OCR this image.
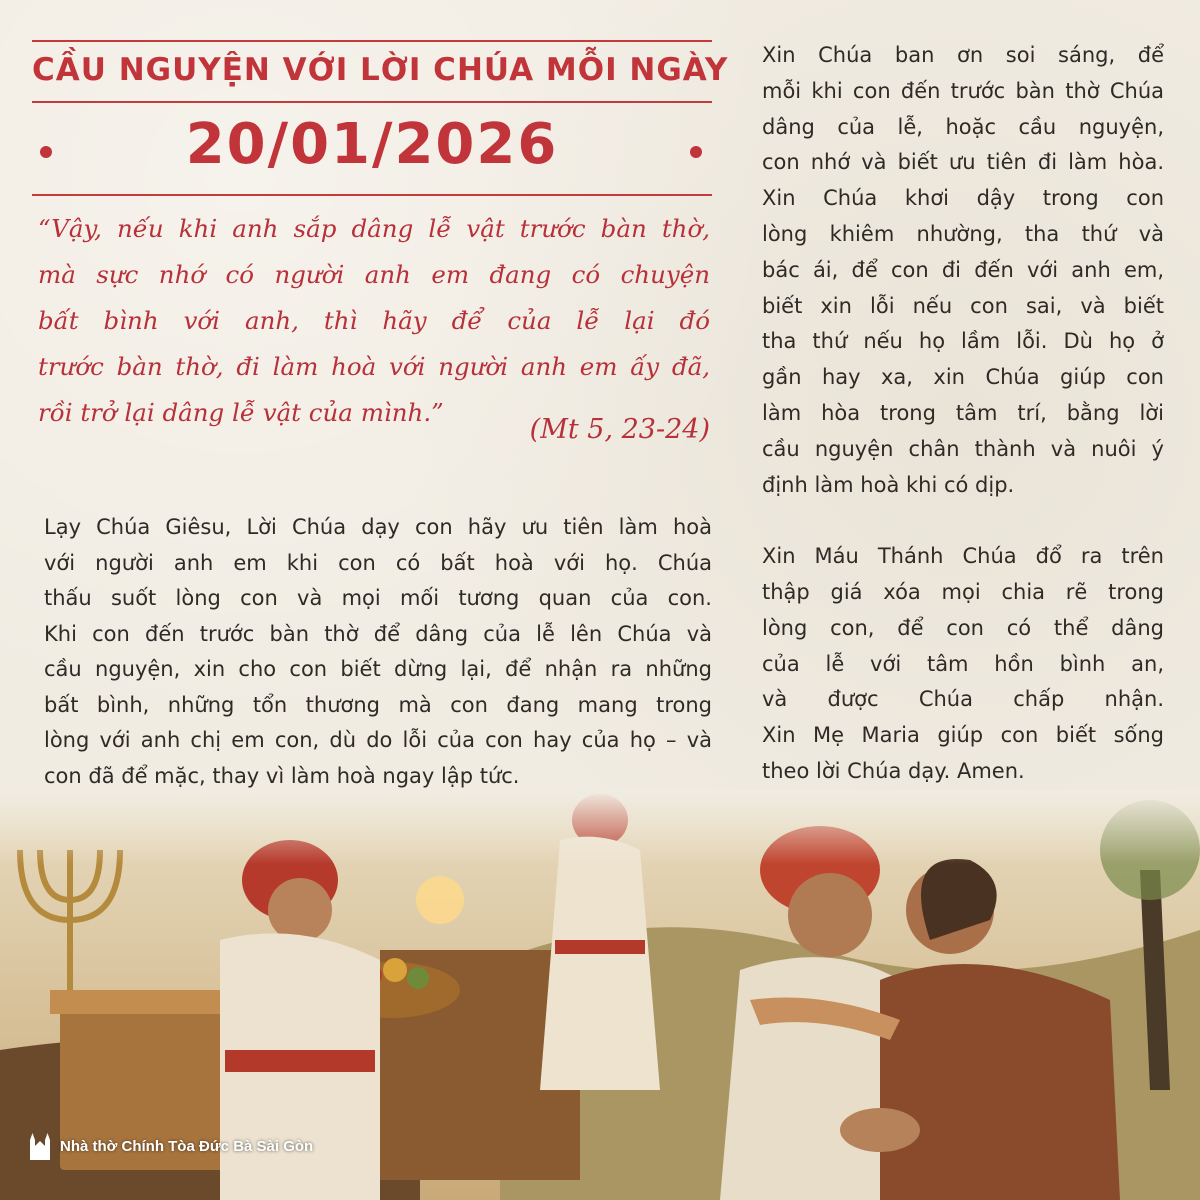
CẦU NGUYỆN VỚI LỜI CHÚA MỖI NGÀY
20/01/2026
“Vậy, nếu khi anh sắp dâng lễ vật trước bàn thờ,
mà sực nhớ có người anh em đang có chuyện
bất bình với anh, thì hãy để của lễ lại đó
trước bàn thờ, đi làm hoà với người anh em ấy đã,
rồi trở lại dâng lễ vật của mình.”
(Mt 5, 23-24)
Lạy Chúa Giêsu, Lời Chúa dạy con hãy ưu tiên làm hoà
với người anh em khi con có bất hoà với họ. Chúa
thấu suốt lòng con và mọi mối tương quan của con.
Khi con đến trước bàn thờ để dâng của lễ lên Chúa và
cầu nguyện, xin cho con biết dừng lại, để nhận ra những
bất bình, những tổn thương mà con đang mang trong
lòng với anh chị em con, dù do lỗi của con hay của họ – và
con đã để mặc, thay vì làm hoà ngay lập tức.
Xin Chúa ban ơn soi sáng, để
mỗi khi con đến trước bàn thờ Chúa
dâng của lễ, hoặc cầu nguyện,
con nhớ và biết ưu tiên đi làm hòa.
Xin Chúa khơi dậy trong con
lòng khiêm nhường, tha thứ và
bác ái, để con đi đến với anh em,
biết xin lỗi nếu con sai, và biết
tha thứ nếu họ lầm lỗi. Dù họ ở
gần hay xa, xin Chúa giúp con
làm hòa trong tâm trí, bằng lời
cầu nguyện chân thành và nuôi ý
định làm hoà khi có dịp.
Xin Máu Thánh Chúa đổ ra trên
thập giá xóa mọi chia rẽ trong
lòng con, để con có thể dâng
của lễ với tâm hồn bình an,
và được Chúa chấp nhận.
Xin Mẹ Maria giúp con biết sống
theo lời Chúa dạy. Amen.
Nhà thờ Chính Tòa Đức Bà Sài Gòn
